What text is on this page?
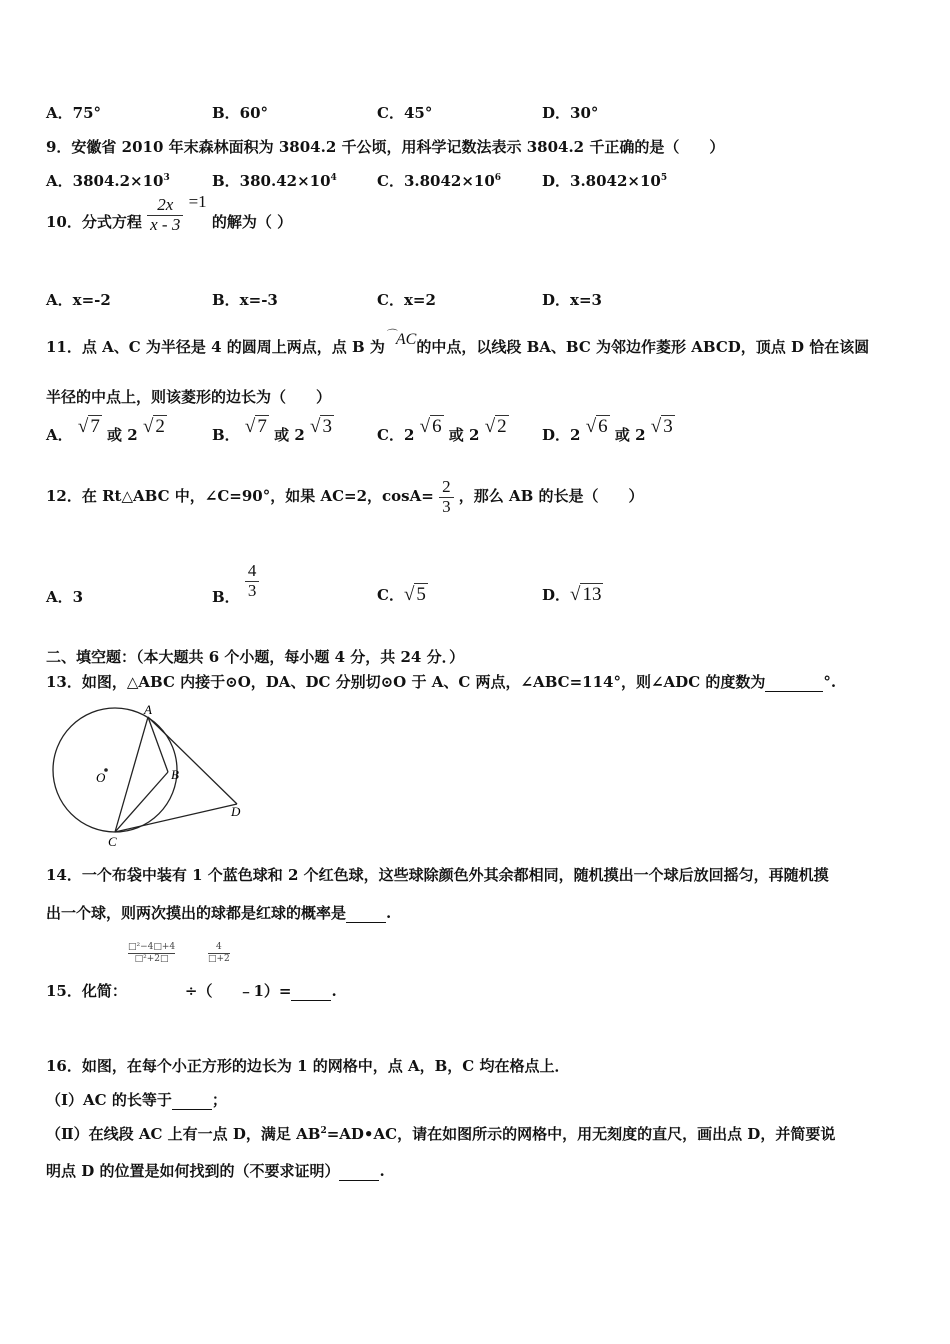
A．75°	B．60°	C．45°	D．30°
9．安徽省 2010 年末森林面积为 3804.2 千公顷，用科学记数法表示 3804.2 千正确的是（　　）
A．$3804.2\times 10^3$	B．$380.42\times 10^4$	C．$3.8042\times 10^6$	D．$3.8042\times 10^5$
10．分式方程 $\frac{2x}{x - 3} =1$ 的解为（ ）
A．x=-2	B．x=-3	C．x=2	D．x=3
11．点 A、C 为半径是 4 的圆周上两点，点 B 为⌒AC的中点，以线段 BA、BC 为邻边作菱形 ABCD，顶点 D 恰在该圆
半径的中点上，则该菱形的边长为（　　）
A． √ 7 或 2 √ 2	B． √ 7 或 2 √ 3	C．2 √ 6 或 2 √ 2 D．2 √ 6 或 2 √ 3
12．在 Rt△ABC 中，∠C=90°，如果 AC=2，$\cos A= \frac{2}{3}$ ，那么 AB 的长是（　　）
A．3	B． $\frac{4}{3}$	C．√ 5	D．√ 13
二、填空题：（本大题共 6 个小题，每小题 4 分，共 24 分．）
13．如图，△ABC 内接于⊙O，DA、DC 分别切⊙O 于 A、C 两点，∠ABC=114°，则∠ADC 的度数为	°.
A
B
C
D
O
14．一个布袋中装有 1 个蓝色球和 2 个红色球，这些球除颜色外其余都相同，随机摸出一个球后放回摇匀，再随机摸
出一个球，则两次摸出的球都是红球的概率是	.
$\frac{\text{□²−4□+4}}{\text{□²+2□}}$	$\frac{4}{□+2}$
15．化简：	÷（ ﹣1）=	.
16．如图，在每个小正方形的边长为 1 的网格中，点 A，B，C 均在格点上．
（Ⅰ）AC 的长等于	；
（Ⅱ）在线段 AC 上有一点 D，满足 $AB^2=AD•AC$，请在如图所示的网格中，用无刻度的直尺，画出点 D，并简要说
明点 D 的位置是如何找到的（不要求证明）	.
